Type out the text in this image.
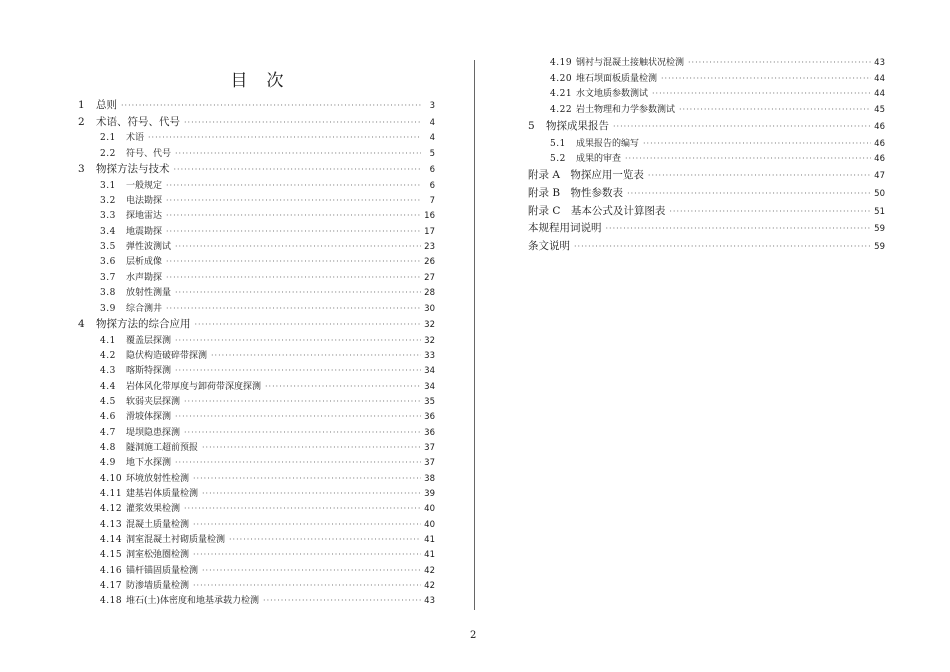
目　次
1	总则 ·····	3
2	术语、符号、代号 ·····	4
2.1	术语 ·····	4
2.2	符号、代号 ·····	5
3	物探方法与技术 ·····	6
3.1	一般规定 ·····	6
3.2	电法勘探 ·····	7
3.3	探地雷达 ·····	16
3.4	地震勘探 ·····	17
3.5	弹性波测试 ·····	23
3.6	层析成像 ·····	26
3.7	水声勘探 ·····	27
3.8	放射性测量 ·····	28
3.9	综合测井 ·····	30
4	物探方法的综合应用 ·····	32
4.1	覆盖层探测 ·····	32
4.2	隐伏构造破碎带探测 ·····	33
4.3	喀斯特探测 ·····	34
4.4	岩体风化带厚度与卸荷带深度探测 ·····	34
4.5	软弱夹层探测 ·····	35
4.6	滑坡体探测 ·····	36
4.7	堤坝隐患探测 ·····	36
4.8	隧洞施工超前预报 ·····	37
4.9	地下水探测 ·····	37
4.10 环境放射性检测 ·····	38
4.11 建基岩体质量检测 ·····	39
4.12 灌浆效果检测 ·····	40
4.13 混凝土质量检测 ·····	40
4.14 洞室混凝土衬砌质量检测 ·····	41
4.15 洞室松弛圈检测 ·····	41
4.16 锚杆锚固质量检测 ·····	42
4.17 防渗墙质量检测 ·····	42
4.18 堆石(土)体密度和地基承载力检测 ·····	43
4.19 钢衬与混凝土接触状况检测 ·····	43
4.20 堆石坝面板质量检测 ·····	44
4.21 水文地质参数测试 ·····	44
4.22 岩土物理和力学参数测试 ·····	45
5	物探成果报告 ·····	46
5.1	成果报告的编写 ·····	46
5.2	成果的审查 ·····	46
附录 A　物探应用一览表 ·····	47
附录 B　物性参数表 ·····	50
附录 C　基本公式及计算图表 ·····	51
本规程用词说明 ·····	59
条文说明 ·····	59
2
